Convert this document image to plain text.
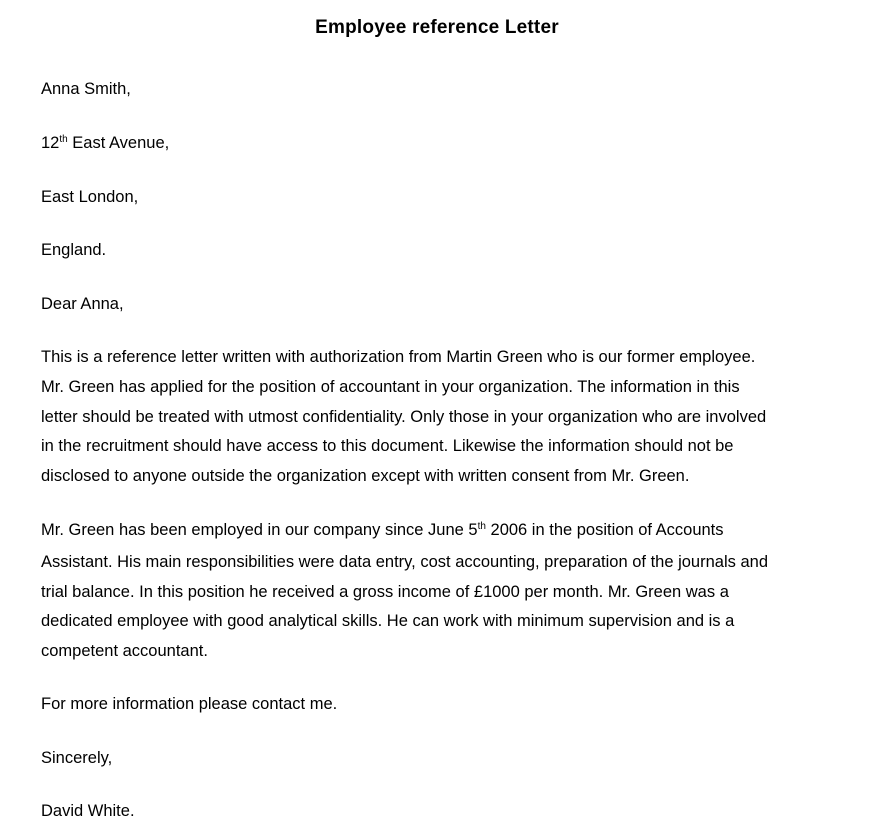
Employee reference Letter
Anna Smith,
12th East Avenue,
East London,
England.
Dear Anna,
This is a reference letter written with authorization from Martin Green who is our former employee.
Mr. Green has applied for the position of accountant in your organization. The information in this
letter should be treated with utmost confidentiality. Only those in your organization who are involved
in the recruitment should have access to this document. Likewise the information should not be
disclosed to anyone outside the organization except with written consent from Mr. Green.
Mr. Green has been employed in our company since June 5th 2006 in the position of Accounts
Assistant. His main responsibilities were data entry, cost accounting, preparation of the journals and
trial balance. In this position he received a gross income of £1000 per month. Mr. Green was a
dedicated employee with good analytical skills. He can work with minimum supervision and is a
competent accountant.
For more information please contact me.
Sincerely,
David White.
